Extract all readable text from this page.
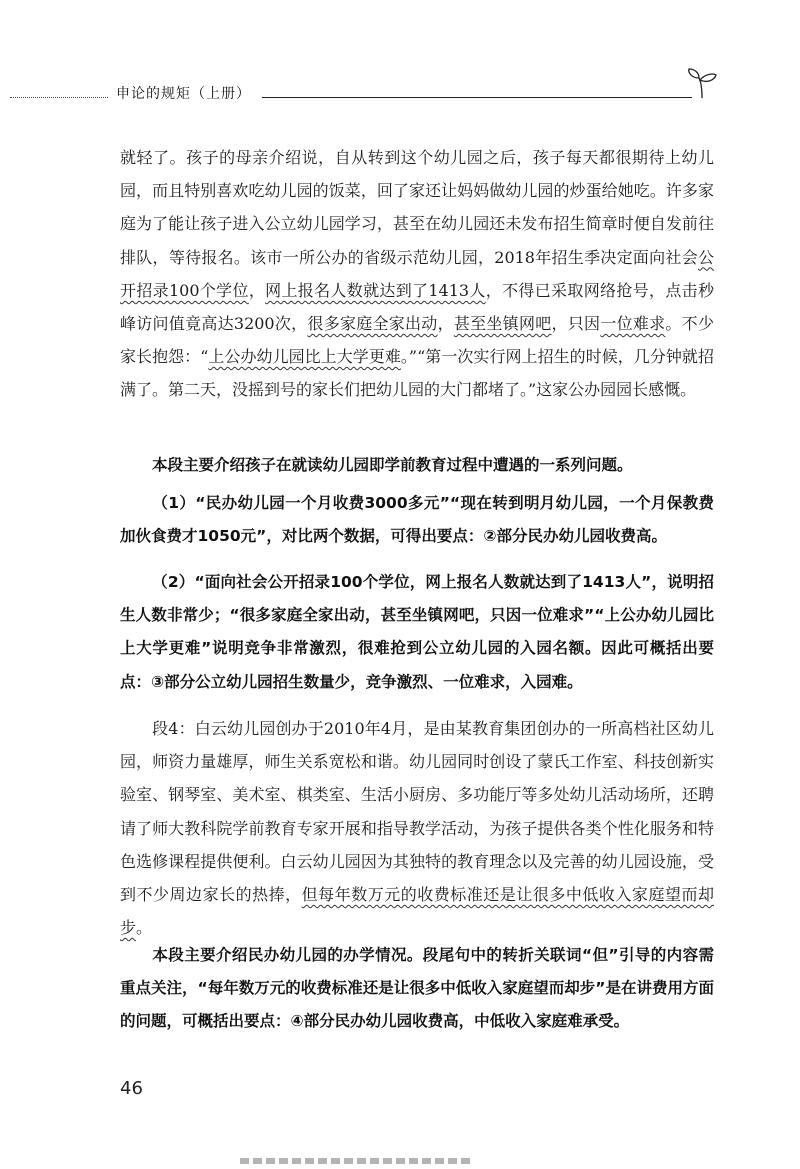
申论的规矩（上册）
就轻了。孩子的母亲介绍说，自从转到这个幼儿园之后，孩子每天都很期待上幼儿园，而且特别喜欢吃幼儿园的饭菜，回了家还让妈妈做幼儿园的炒蛋给她吃。许多家庭为了能让孩子进入公立幼儿园学习，甚至在幼儿园还未发布招生简章时便自发前往排队，等待报名。该市一所公办的省级示范幼儿园，2018年招生季决定面向社会公开招录100个学位，网上报名人数就达到了1413人，不得已采取网络抢号，点击秒峰访问值竟高达3200次，很多家庭全家出动，甚至坐镇网吧，只因一位难求。不少家长抱怨：“上公办幼儿园比上大学更难。”“第一次实行网上招生的时候，几分钟就招满了。第二天，没摇到号的家长们把幼儿园的大门都堵了。”这家公办园园长感慨。
本段主要介绍孩子在就读幼儿园即学前教育过程中遭遇的一系列问题。
（1）“民办幼儿园一个月收费3000多元”“现在转到明月幼儿园，一个月保教费加伙食费才1050元”，对比两个数据，可得出要点：②部分民办幼儿园收费高。
（2）“面向社会公开招录100个学位，网上报名人数就达到了1413人”，说明招生人数非常少；“很多家庭全家出动，甚至坐镇网吧，只因一位难求”“上公办幼儿园比上大学更难”说明竞争非常激烈，很难抢到公立幼儿园的入园名额。因此可概括出要点：③部分公立幼儿园招生数量少，竞争激烈、一位难求，入园难。
段4：白云幼儿园创办于2010年4月，是由某教育集团创办的一所高档社区幼儿园，师资力量雄厚，师生关系宽松和谐。幼儿园同时创设了蒙氏工作室、科技创新实验室、钢琴室、美术室、棋类室、生活小厨房、多功能厅等多处幼儿活动场所，还聘请了师大教科院学前教育专家开展和指导教学活动，为孩子提供各类个性化服务和特色选修课程提供便利。白云幼儿园因为其独特的教育理念以及完善的幼儿园设施，受到不少周边家长的热捧，但每年数万元的收费标准还是让很多中低收入家庭望而却步。
本段主要介绍民办幼儿园的办学情况。段尾句中的转折关联词“但”引导的内容需重点关注，“每年数万元的收费标准还是让很多中低收入家庭望而却步”是在讲费用方面的问题，可概括出要点：④部分民办幼儿园收费高，中低收入家庭难承受。
46
